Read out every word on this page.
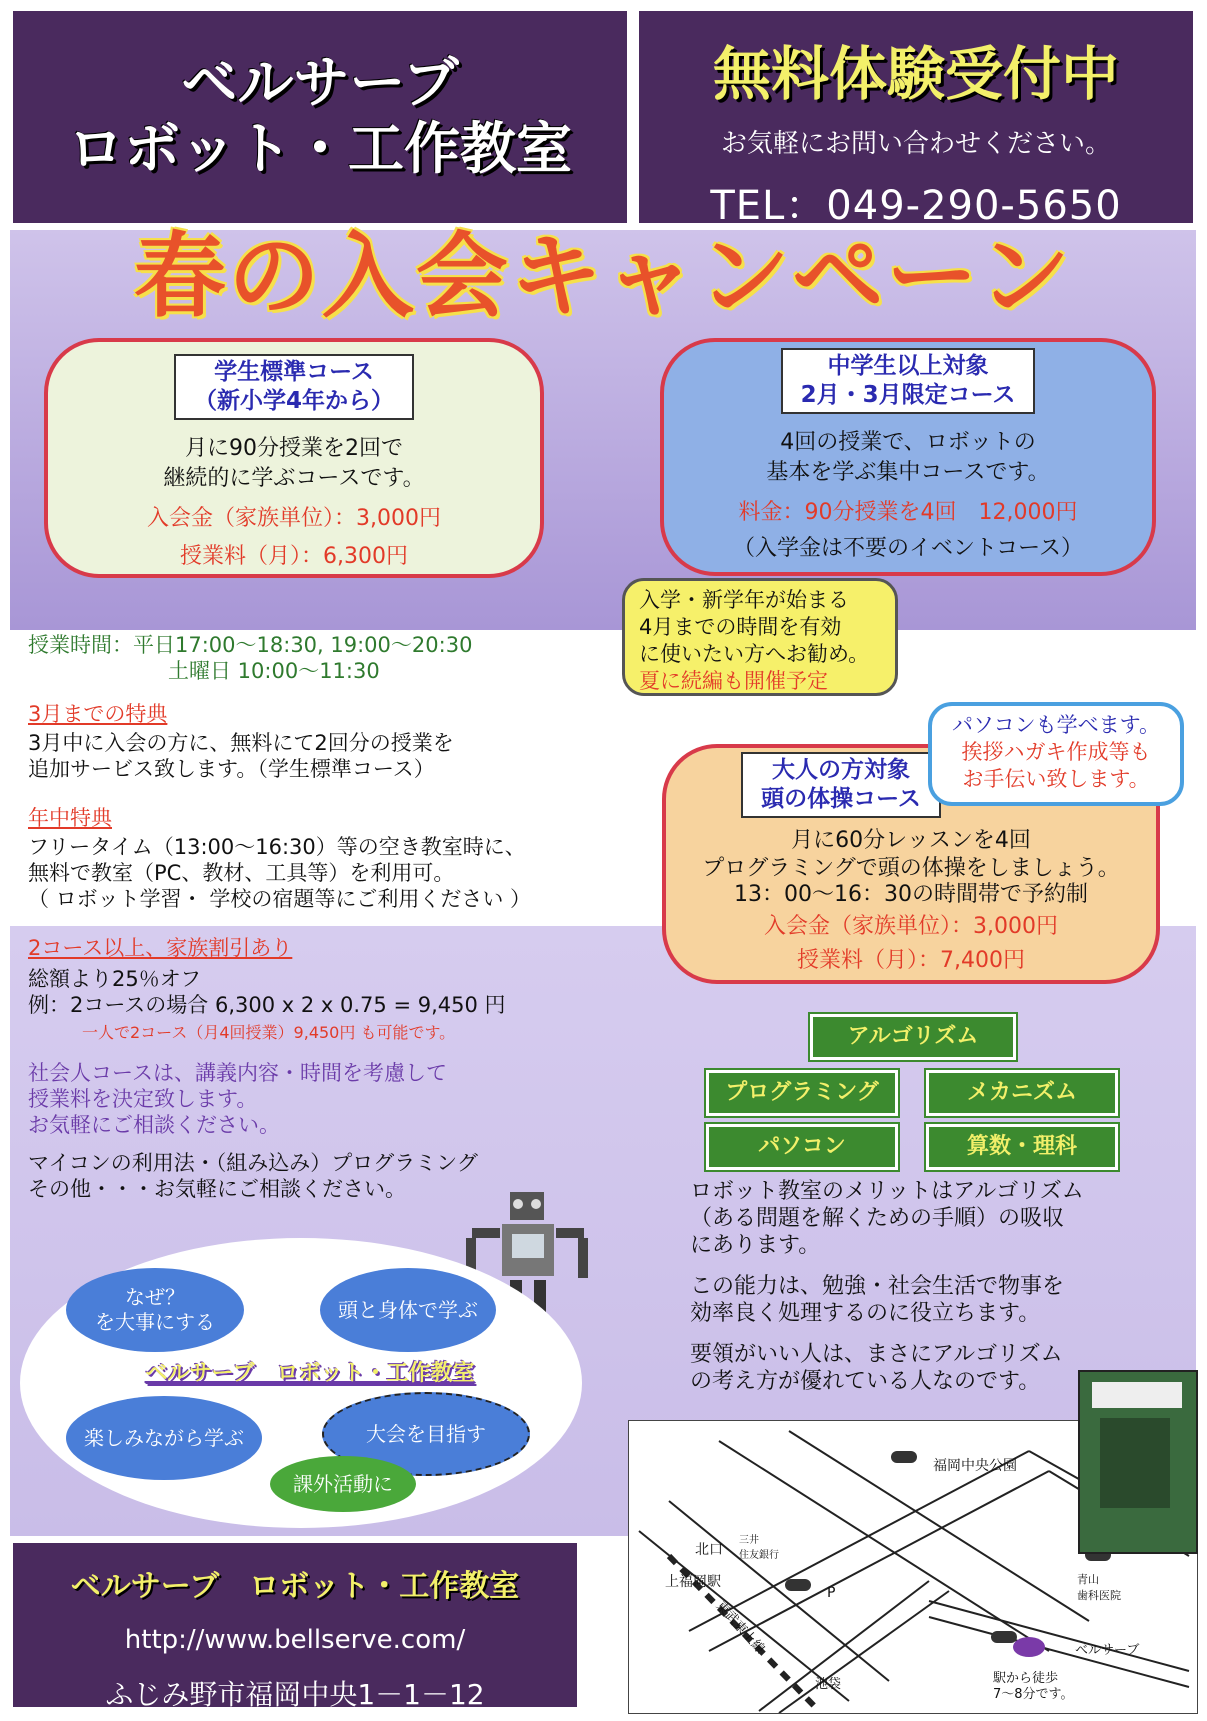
ベルサーブ
ロボット・工作教室
無料体験受付中
お気軽にお問い合わせください。
TEL：049-290-5650
春の入会キャンペーン
学生標準コース
（新小学4年から）

月に90分授業を2回で

継続的に学ぶコースです。

入会金（家族単位）：3,000円

授業料（月）：6,300円

中学生以上対象
2月・3月限定コース

4回の授業で、ロボットの

基本を学ぶ集中コースです。

料金：90分授業を4回　12,000円

（入学金は不要のイベントコース）

入学・新学年が始まる
4月までの時間を有効
に使いたい方へお勧め。
夏に続編も開催予定
授業時間：平日17:00〜18:30, 19:00〜20:30
土曜日 10:00〜11:30
3月までの特典
3月中に入会の方に、無料にて2回分の授業を
追加サービス致します。（学生標準コース）
年中特典
フリータイム（13:00〜16:30）等の空き教室時に、
無料で教室（PC、教材、工具等）を利用可。
（ ロボット学習・ 学校の宿題等にご利用ください ）
2コース以上、家族割引あり
総額より25％オフ
例：2コースの場合 6,300 x 2 x 0.75 = 9,450 円
一人で2コース（月4回授業）9,450円 も可能です。
社会人コースは、講義内容・時間を考慮して
授業料を決定致します。
お気軽にご相談ください。
マイコンの利用法・（組み込み）プログラミング
その他・・・お気軽にご相談ください。
パソコンも学べます。
挨拶ハガキ作成等も
お手伝い致します。
大人の方対象
頭の体操コース

月に60分レッスンを4回

プログラミングで頭の体操をしましょう。

13：00〜16：30の時間帯で予約制

入会金（家族単位）：3,000円

授業料（月）：7,400円

アルゴリズム
プログラミング	メカニズム
パソコン	算数・理科
ロボット教室のメリットはアルゴリズム
（ある問題を解くための手順）の吸収
にあります。
この能力は、勉強・社会生活で物事を
効率良く処理するのに役立ちます。
要領がいい人は、まさにアルゴリズム
の考え方が優れている人なのです。
なぜ？
を大事にする
頭と身体で学ぶ
ベルサーブ　ロボット・工作教室
楽しみながら学ぶ	大会を目指す
課外活動に
ベルサーブ　ロボット・工作教室
http://www.bellserve.com/
ふじみ野市福岡中央1－1－12
福岡中央公園
北口
上福岡駅
三井
住友銀行
東武東上線
P
青山
歯科医院
ベルサーブ
池袋	駅から徒歩
7〜8分です。
